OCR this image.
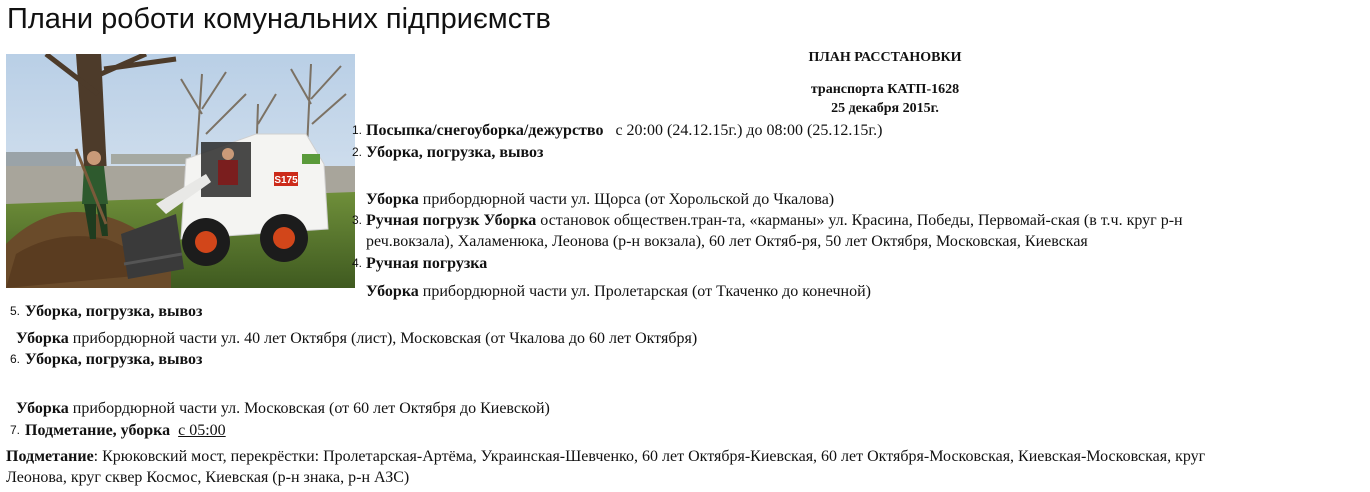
Плани роботи комунальних підприємств
S175
ПЛАН РАССТАНОВКИ
транспорта КАТП-1628
25 декабря 2015г.
1. Посыпка/снегоуборка/дежурство с 20:00 (24.12.15г.) до 08:00 (25.12.15г.)
2. Уборка, погрузка, вывоз
Уборка прибордюрной части ул. Щорса (от Хорольской до Чкалова)
3. Ручная погрузк Уборка остановок обществен.тран-та, «карманы» ул. Красина, Победы, Первомай-ская (в т.ч. круг р-н
реч.вокзала), Халаменюка, Леонова (р-н вокзала), 60 лет Октяб-ря, 50 лет Октября, Московская, Киевская
4. Ручная погрузка
Уборка прибордюрной части ул. Пролетарская (от Ткаченко до конечной)
5. Уборка, погрузка, вывоз
Уборка прибордюрной части ул. 40 лет Октября (лист), Московская (от Чкалова до 60 лет Октября)
6. Уборка, погрузка, вывоз
Уборка прибордюрной части ул. Московская (от 60 лет Октября до Киевской)
7. Подметание, уборка с 05:00
Подметание: Крюковский мост, перекрёстки: Пролетарская-Артёма, Украинская-Шевченко, 60 лет Октября-Киевская, 60 лет Октября-Московская, Киевская-Московская, круг
Леонова, круг сквер Космос, Киевская (р-н знака, р-н АЗС)
